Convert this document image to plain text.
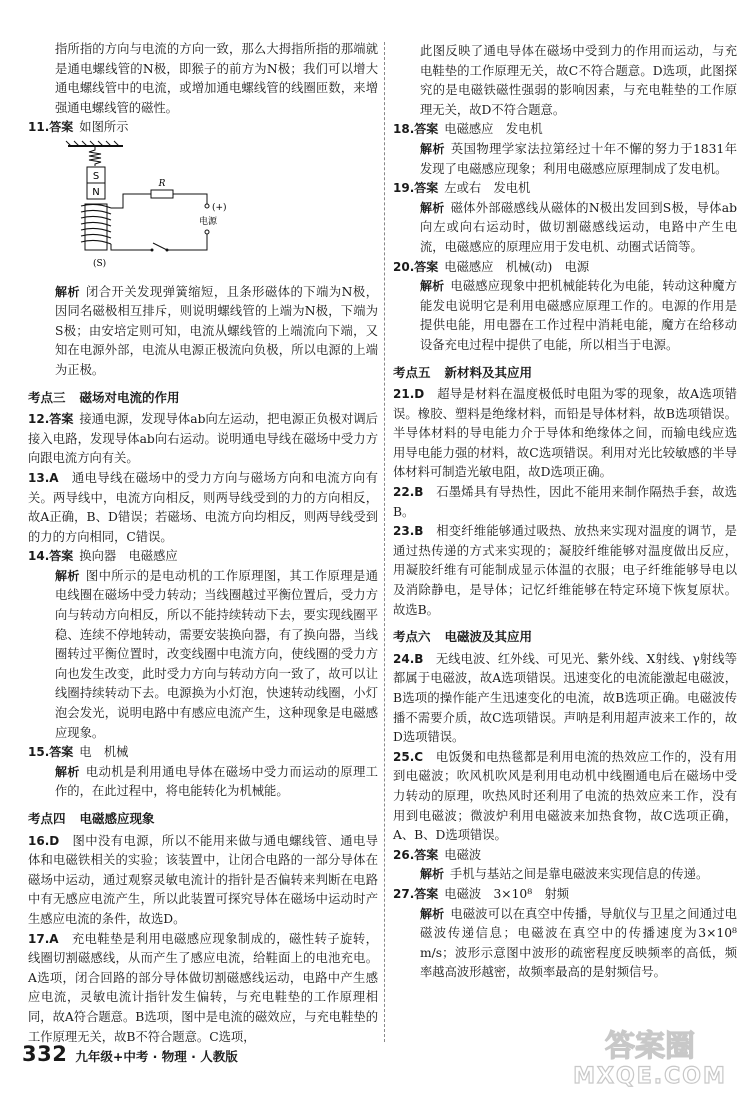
指所指的方向与电流的方向一致，那么大拇指所指的那端就是通电螺线管的N极，即猴子的前方为N极；我们可以增大通电螺线管中的电流，或增加通电螺线管的线圈匝数，来增强通电螺线管的磁性。

11.答案 如图所示

S
N
R
(+)
电源
(S)

解析 闭合开关发现弹簧缩短，且条形磁体的下端为N极，因同名磁极相互排斥，则说明螺线管的上端为N极，下端为S极；由安培定则可知，电流从螺线管的上端流向下端，又知在电源外部，电流从电源正极流向负极，所以电源的上端为正极。

考点三 磁场对电流的作用

12.答案 接通电源，发现导体ab向左运动，把电源正负极对调后接入电路，发现导体ab向右运动。说明通电导线在磁场中受力方向跟电流方向有关。

13.A　 通电导线在磁场中的受力方向与磁场方向和电流方向有关。两导线中，电流方向相反，则两导线受到的力的方向相反，故A正确，B、D错误；若磁场、电流方向均相反，则两导线受到的力的方向相同，C错误。

14.答案 换向器　电磁感应

解析 图中所示的是电动机的工作原理图，其工作原理是通电线圈在磁场中受力转动；当线圈越过平衡位置后，受力方向与转动方向相反，所以不能持续转动下去，要实现线圈平稳、连续不停地转动，需要安装换向器，有了换向器，当线圈转过平衡位置时，改变线圈中电流方向，使线圈的受力方向也发生改变，此时受力方向与转动方向一致了，故可以让线圈持续转动下去。电源换为小灯泡，快速转动线圈，小灯泡会发光，说明电路中有感应电流产生，这种现象是电磁感应现象。

15.答案 电　机械

解析 电动机是利用通电导体在磁场中受力而运动的原理工作的，在此过程中，将电能转化为机械能。

考点四 电磁感应现象

16.D　 图中没有电源，所以不能用来做与通电螺线管、通电导体和电磁铁相关的实验；该装置中，让闭合电路的一部分导体在磁场中运动，通过观察灵敏电流计的指针是否偏转来判断在电路中有无感应电流产生，所以此装置可探究导体在磁场中运动时产生感应电流的条件，故选D。

17.A　 充电鞋垫是利用电磁感应现象制成的，磁性转子旋转，线圈切割磁感线，从而产生了感应电流，给鞋面上的电池充电。A选项，闭合回路的部分导体做切割磁感线运动，电路中产生感应电流，灵敏电流计指针发生偏转，与充电鞋垫的工作原理相同，故A符合题意。B选项，图中是电流的磁效应，与充电鞋垫的工作原理无关，故B不符合题意。C选项，

此图反映了通电导体在磁场中受到力的作用而运动，与充电鞋垫的工作原理无关，故C不符合题意。D选项，此图探究的是电磁铁磁性强弱的影响因素，与充电鞋垫的工作原理无关，故D不符合题意。

18.答案 电磁感应　发电机

解析 英国物理学家法拉第经过十年不懈的努力于1831年发现了电磁感应现象；利用电磁感应原理制成了发电机。

19.答案 左或右　发电机

解析 磁体外部磁感线从磁体的N极出发回到S极，导体ab向左或向右运动时，做切割磁感线运动，电路中产生电流，电磁感应的原理应用于发电机、动圈式话筒等。

20.答案 电磁感应　机械(动)　电源

解析 电磁感应现象中把机械能转化为电能，转动这种魔方能发电说明它是利用电磁感应原理工作的。电源的作用是提供电能，用电器在工作过程中消耗电能，魔方在给移动设备充电过程中提供了电能，所以相当于电源。

考点五 新材料及其应用

21.D　 超导是材料在温度极低时电阻为零的现象，故A选项错误。橡胶、塑料是绝缘材料，而铅是导体材料，故B选项错误。半导体材料的导电能力介于导体和绝缘体之间，而输电线应选用导电能力强的材料，故C选项错误。利用对光比较敏感的半导体材料可制造光敏电阻，故D选项正确。

22.B　 石墨烯具有导热性，因此不能用来制作隔热手套，故选B。

23.B　 相变纤维能够通过吸热、放热来实现对温度的调节，是通过热传递的方式来实现的；凝胶纤维能够对温度做出反应，用凝胶纤维有可能制成显示体温的衣服；电子纤维能够导电以及消除静电，是导体；记忆纤维能够在特定环境下恢复原状。故选B。

考点六 电磁波及其应用

24.B　 无线电波、红外线、可见光、紫外线、X射线、γ射线等都属于电磁波，故A选项错误。迅速变化的电流能激起电磁波，B选项的操作能产生迅速变化的电流，故B选项正确。电磁波传播不需要介质，故C选项错误。声呐是利用超声波来工作的，故D选项错误。

25.C　 电饭煲和电热毯都是利用电流的热效应工作的，没有用到电磁波；吹风机吹风是利用电动机中线圈通电后在磁场中受力转动的原理，吹热风时还利用了电流的热效应来工作，没有用到电磁波；微波炉利用电磁波来加热食物，故C选项正确，A、B、D选项错误。

26.答案 电磁波

解析 手机与基站之间是靠电磁波来实现信息的传递。

27.答案 电磁波　3×10⁸　射频

解析 电磁波可以在真空中传播，导航仪与卫星之间通过电磁波传递信息；电磁波在真空中的传播速度为3×10⁸ m/s；波形示意图中波形的疏密程度反映频率的高低，频率越高波形越密，故频率最高的是射频信号。

332 九年级+中考 · 物理 · 人教版	答案圈
MXQE.COM
